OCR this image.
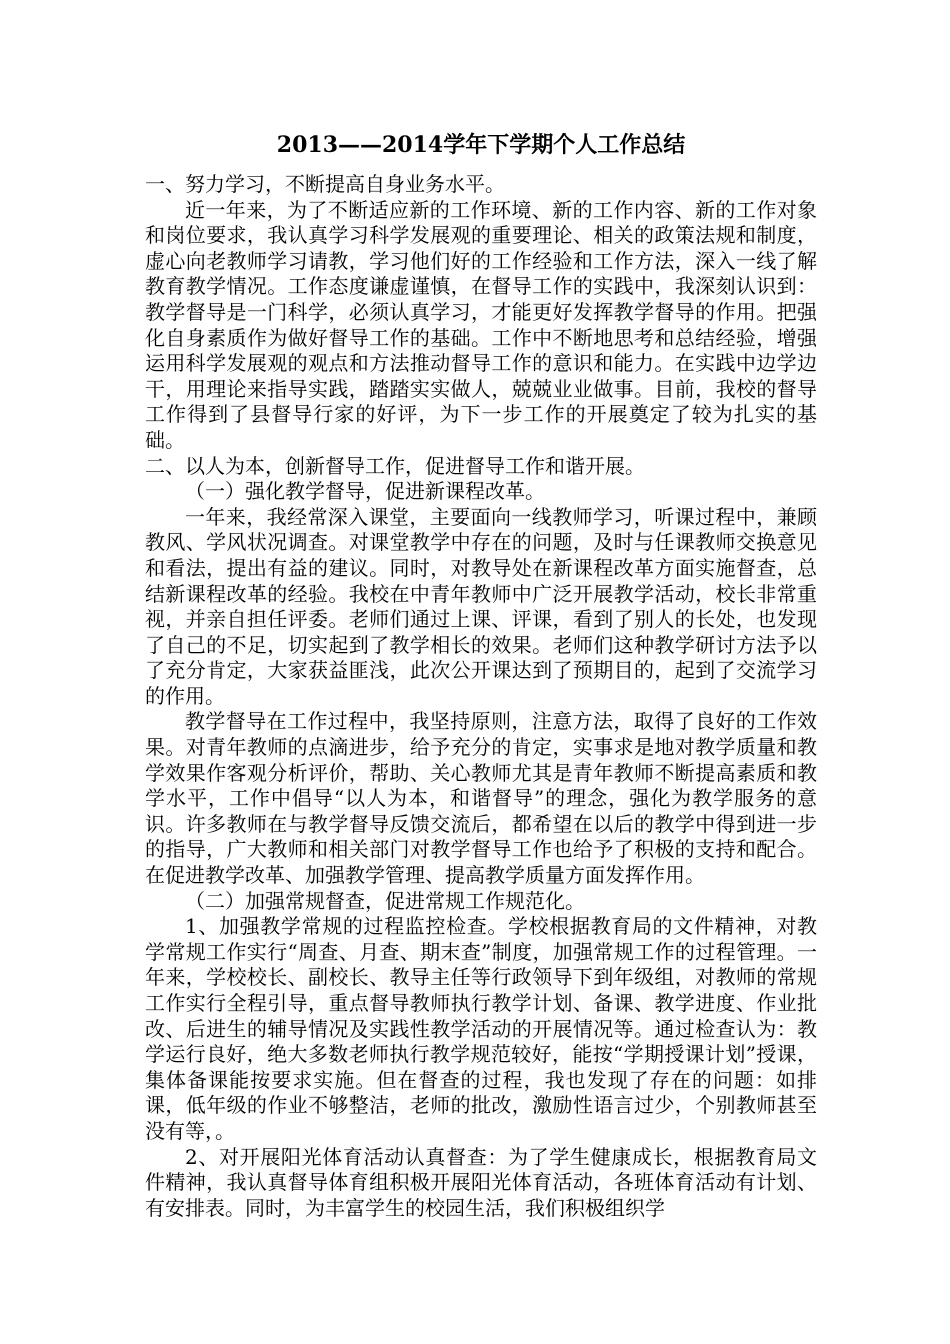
2013——2014学年下学期个人工作总结

一、努力学习，不断提高自身业务水平。

近一年来，为了不断适应新的工作环境、新的工作内容、新的工作对象和岗位要求，我认真学习科学发展观的重要理论、相关的政策法规和制度，虚心向老教师学习请教，学习他们好的工作经验和工作方法，深入一线了解教育教学情况。工作态度谦虚谨慎，在督导工作的实践中，我深刻认识到：教学督导是一门科学，必须认真学习，才能更好发挥教学督导的作用。把强化自身素质作为做好督导工作的基础。工作中不断地思考和总结经验，增强运用科学发展观的观点和方法推动督导工作的意识和能力。在实践中边学边干，用理论来指导实践，踏踏实实做人，兢兢业业做事。目前，我校的督导工作得到了县督导行家的好评，为下一步工作的开展奠定了较为扎实的基础。

二、以人为本，创新督导工作，促进督导工作和谐开展。

（一）强化教学督导，促进新课程改革。

一年来，我经常深入课堂，主要面向一线教师学习，听课过程中，兼顾教风、学风状况调查。对课堂教学中存在的问题，及时与任课教师交换意见和看法，提出有益的建议。同时，对教导处在新课程改革方面实施督查，总结新课程改革的经验。我校在中青年教师中广泛开展教学活动，校长非常重视，并亲自担任评委。老师们通过上课、评课，看到了别人的长处，也发现了自己的不足，切实起到了教学相长的效果。老师们这种教学研讨方法予以了充分肯定，大家获益匪浅，此次公开课达到了预期目的，起到了交流学习的作用。

教学督导在工作过程中，我坚持原则，注意方法，取得了良好的工作效果。对青年教师的点滴进步，给予充分的肯定，实事求是地对教学质量和教学效果作客观分析评价，帮助、关心教师尤其是青年教师不断提高素质和教学水平，工作中倡导“以人为本，和谐督导”的理念，强化为教学服务的意识。许多教师在与教学督导反馈交流后，都希望在以后的教学中得到进一步的指导，广大教师和相关部门对教学督导工作也给予了积极的支持和配合。在促进教学改革、加强教学管理、提高教学质量方面发挥作用。

（二）加强常规督查，促进常规工作规范化。

1、加强教学常规的过程监控检查。学校根据教育局的文件精神，对教学常规工作实行“周查、月查、期末查”制度，加强常规工作的过程管理。一年来，学校校长、副校长、教导主任等行政领导下到年级组，对教师的常规工作实行全程引导，重点督导教师执行教学计划、备课、教学进度、作业批改、后进生的辅导情况及实践性教学活动的开展情况等。通过检查认为：教学运行良好，绝大多数老师执行教学规范较好，能按“学期授课计划”授课，集体备课能按要求实施。但在督查的过程，我也发现了存在的问题：如排课，低年级的作业不够整洁，老师的批改，激励性语言过少，个别教师甚至没有等，。

2、对开展阳光体育活动认真督查：为了学生健康成长，根据教育局文件精神，我认真督导体育组积极开展阳光体育活动，各班体育活动有计划、有安排表。同时，为丰富学生的校园生活，我们积极组织学
